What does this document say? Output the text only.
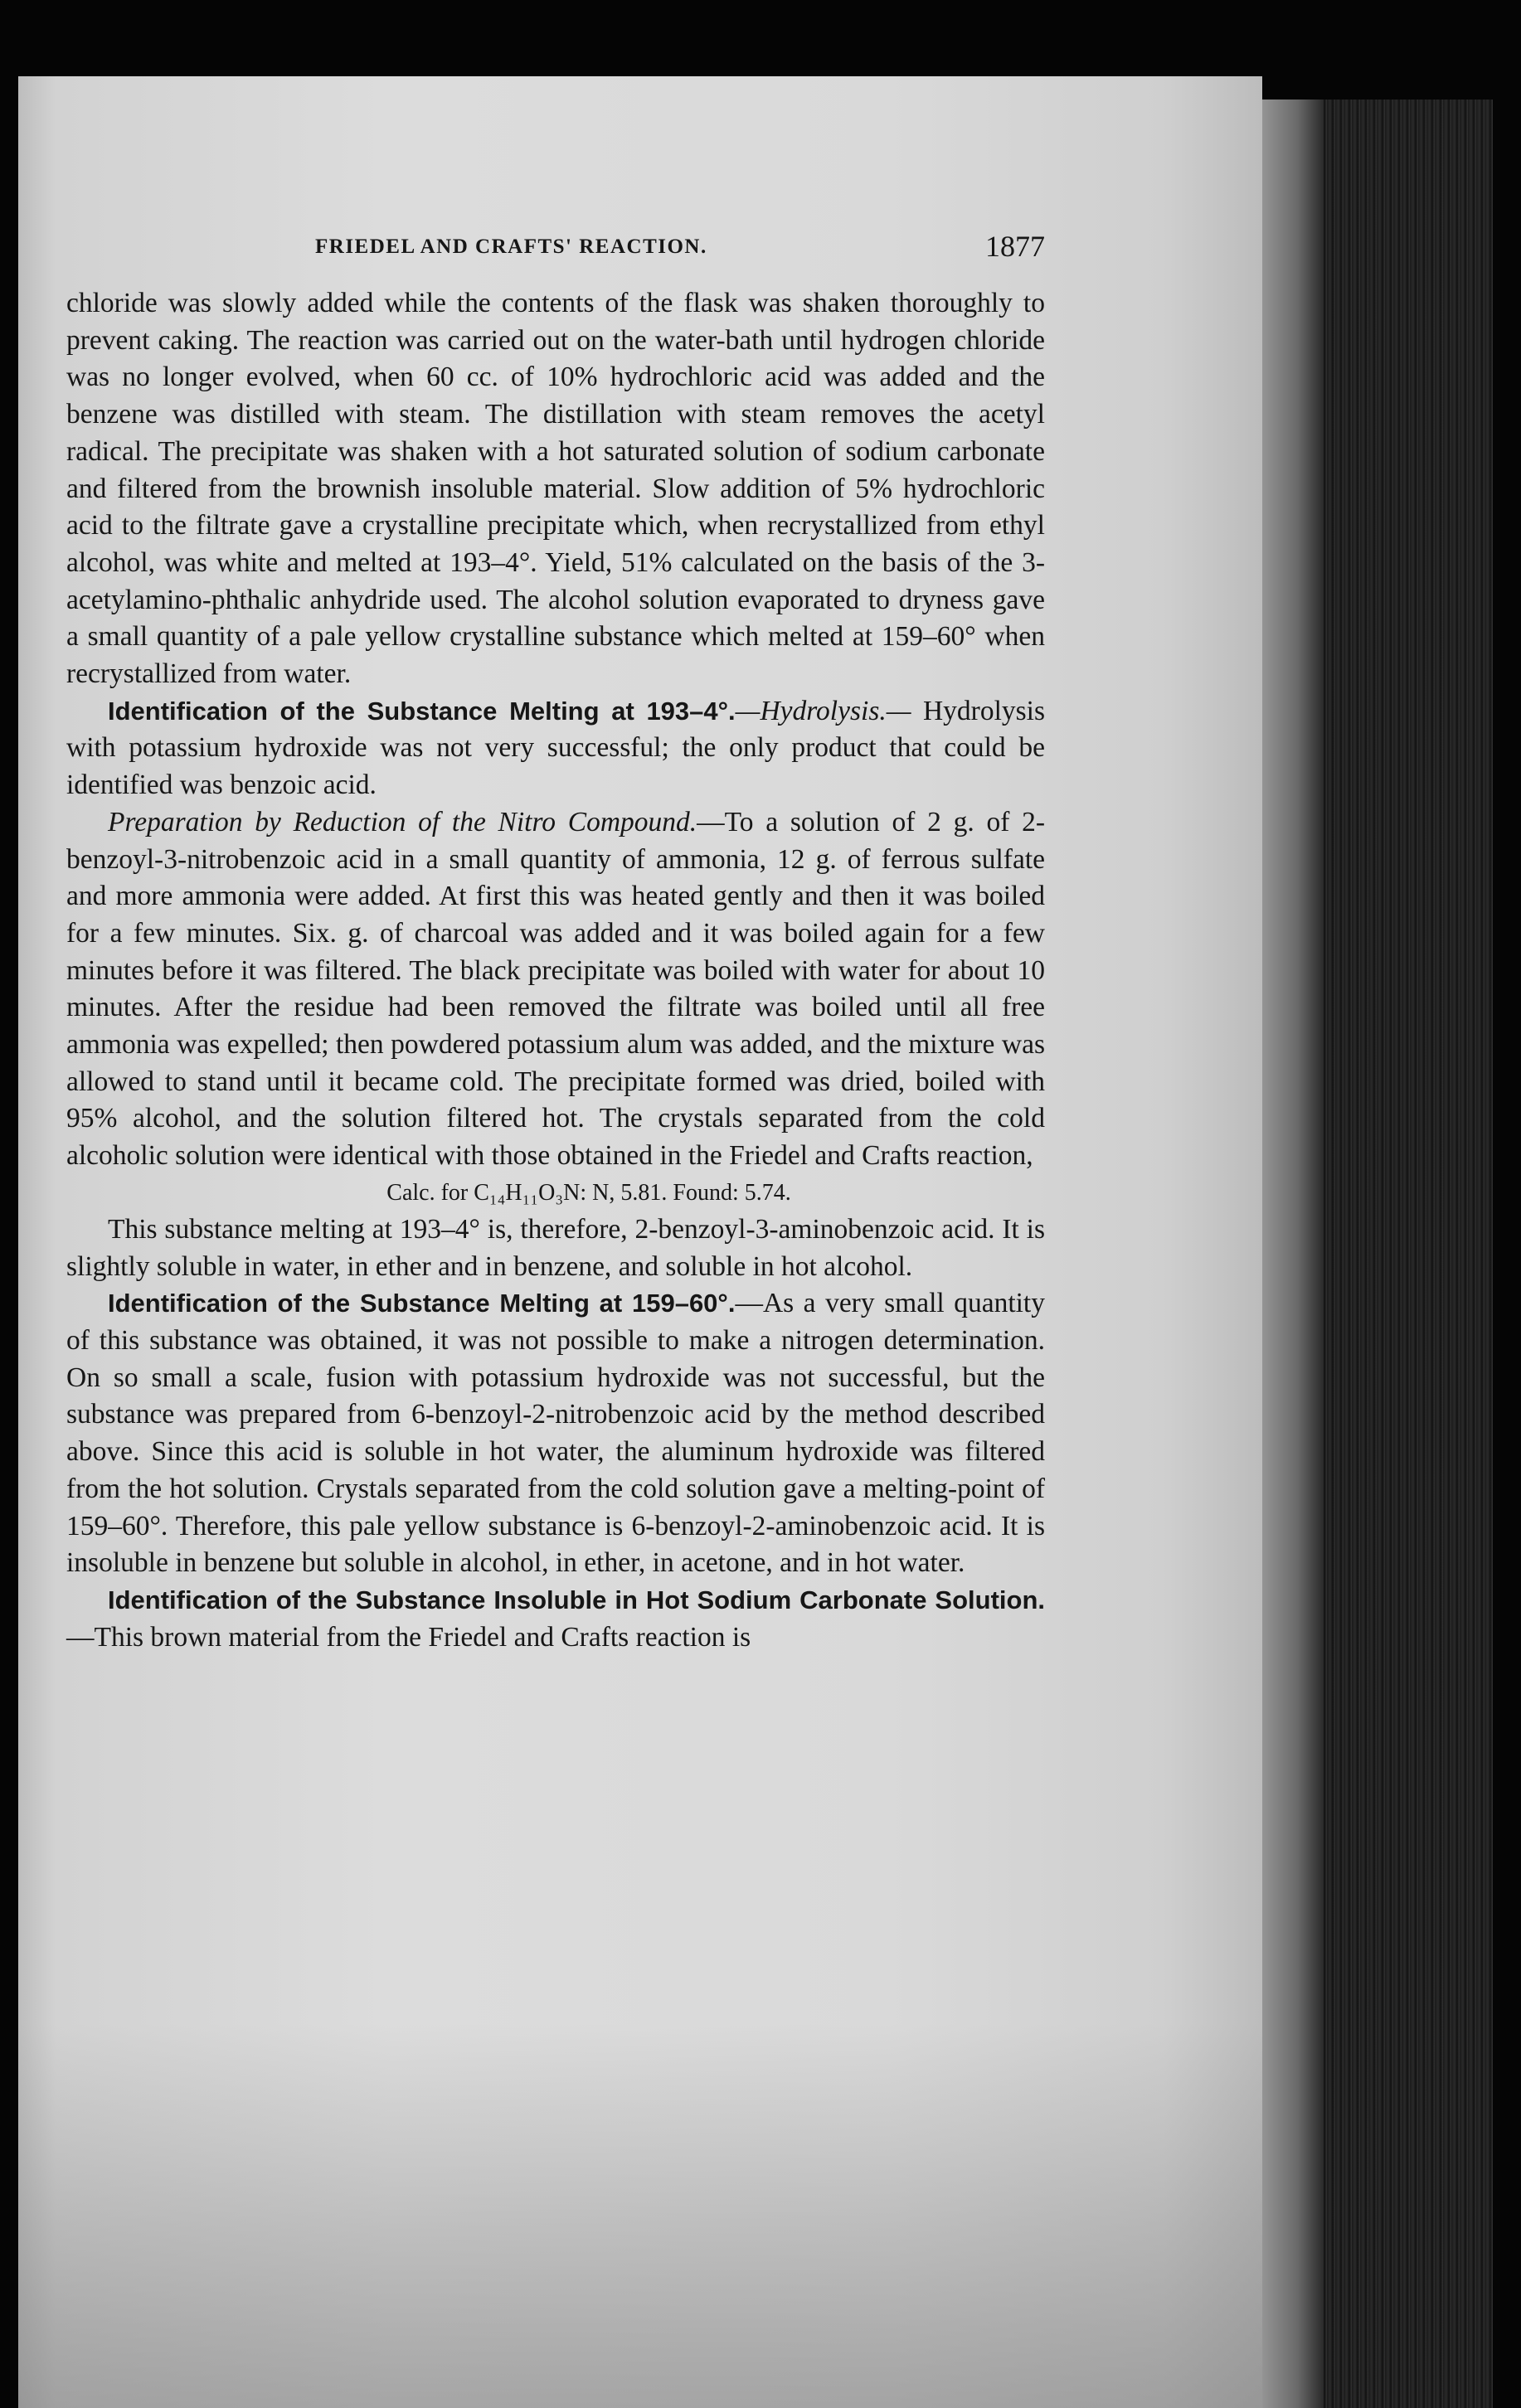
FRIEDEL AND CRAFTS' REACTION.	1877

chloride was slowly added while the contents of the flask was shaken thoroughly to prevent caking. The reaction was carried out on the water-bath until hydrogen chloride was no longer evolved, when 60 cc. of 10% hydrochloric acid was added and the benzene was distilled with steam. The distillation with steam removes the acetyl radical. The precipitate was shaken with a hot saturated solution of sodium carbonate and filtered from the brownish insoluble material. Slow addition of 5% hydrochloric acid to the filtrate gave a crystalline precipitate which, when recrystallized from ethyl alcohol, was white and melted at 193–4°. Yield, 51% calculated on the basis of the 3-acetylamino-phthalic anhydride used. The alcohol solution evaporated to dryness gave a small quantity of a pale yellow crystalline substance which melted at 159–60° when recrystallized from water.

Identification of the Substance Melting at 193–4°.—Hydrolysis.— Hydrolysis with potassium hydroxide was not very successful; the only product that could be identified was benzoic acid.

Preparation by Reduction of the Nitro Compound.—To a solution of 2 g. of 2-benzoyl-3-nitrobenzoic acid in a small quantity of ammonia, 12 g. of ferrous sulfate and more ammonia were added. At first this was heated gently and then it was boiled for a few minutes. Six. g. of charcoal was added and it was boiled again for a few minutes before it was filtered. The black precipitate was boiled with water for about 10 minutes. After the residue had been removed the filtrate was boiled until all free ammonia was expelled; then powdered potassium alum was added, and the mixture was allowed to stand until it became cold. The precipitate formed was dried, boiled with 95% alcohol, and the solution filtered hot. The crystals separated from the cold alcoholic solution were identical with those obtained in the Friedel and Crafts reaction,

Calc. for C₁₄H₁₁O₃N: N, 5.81. Found: 5.74.

This substance melting at 193–4° is, therefore, 2-benzoyl-3-aminobenzoic acid. It is slightly soluble in water, in ether and in benzene, and soluble in hot alcohol.

Identification of the Substance Melting at 159–60°.—As a very small quantity of this substance was obtained, it was not possible to make a nitrogen determination. On so small a scale, fusion with potassium hydroxide was not successful, but the substance was prepared from 6-benzoyl-2-nitrobenzoic acid by the method described above. Since this acid is soluble in hot water, the aluminum hydroxide was filtered from the hot solution. Crystals separated from the cold solution gave a melting-point of 159–60°. Therefore, this pale yellow substance is 6-benzoyl-2-aminobenzoic acid. It is insoluble in benzene but soluble in alcohol, in ether, in acetone, and in hot water.

Identification of the Substance Insoluble in Hot Sodium Carbonate Solution.—This brown material from the Friedel and Crafts reaction is
